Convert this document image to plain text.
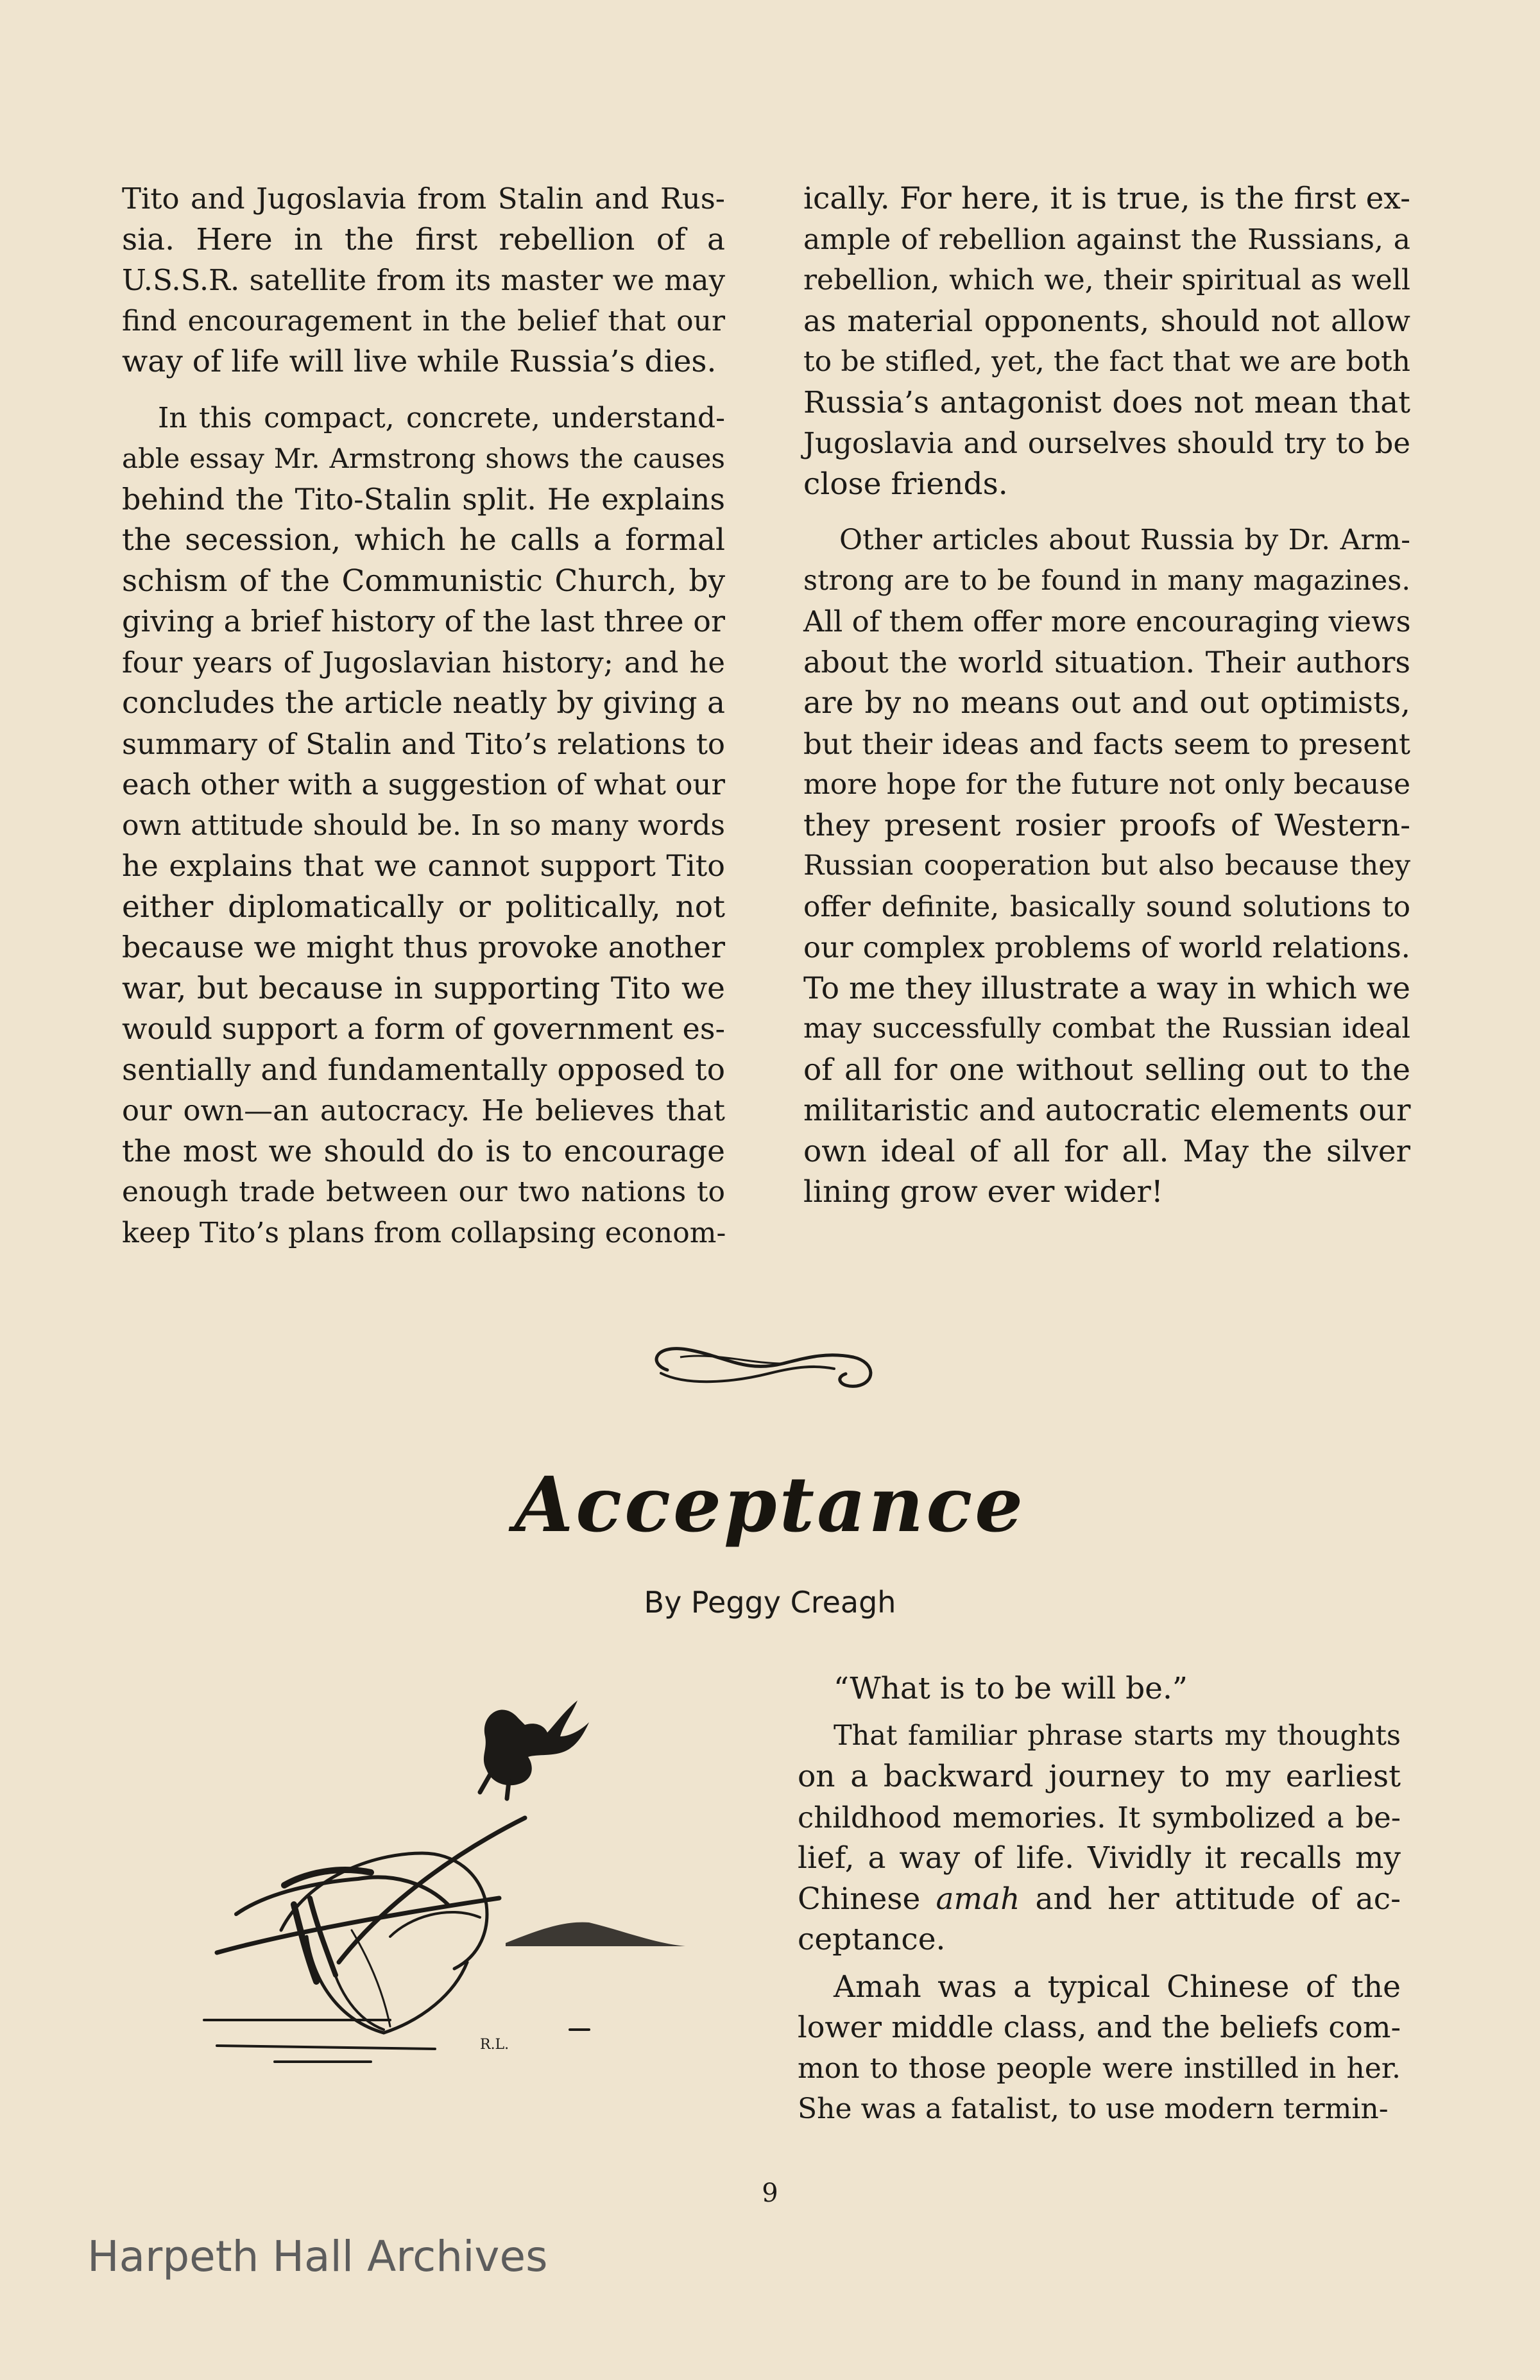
Tito and Jugoslavia from Stalin and Rus-
sia. Here in the first rebellion of a
U.S.S.R. satellite from its master we may
find encouragement in the belief that our
way of life will live while Russia’s dies.

In this compact, concrete, understand-
able essay Mr. Armstrong shows the causes
behind the Tito-Stalin split. He explains
the secession, which he calls a formal
schism of the Communistic Church, by
giving a brief history of the last three or
four years of Jugoslavian history; and he
concludes the article neatly by giving a
summary of Stalin and Tito’s relations to
each other with a suggestion of what our
own attitude should be. In so many words
he explains that we cannot support Tito
either diplomatically or politically, not
because we might thus provoke another
war, but because in supporting Tito we
would support a form of government es-
sentially and fundamentally opposed to
our own—an autocracy. He believes that
the most we should do is to encourage
enough trade between our two nations to
keep Tito’s plans from collapsing econom-

ically. For here, it is true, is the first ex-
ample of rebellion against the Russians, a
rebellion, which we, their spiritual as well
as material opponents, should not allow
to be stifled, yet, the fact that we are both
Russia’s antagonist does not mean that
Jugoslavia and ourselves should try to be
close friends.

Other articles about Russia by Dr. Arm-
strong are to be found in many magazines.
All of them offer more encouraging views
about the world situation. Their authors
are by no means out and out optimists,
but their ideas and facts seem to present
more hope for the future not only because
they present rosier proofs of Western-
Russian cooperation but also because they
offer definite, basically sound solutions to
our complex problems of world relations.
To me they illustrate a way in which we
may successfully combat the Russian ideal
of all for one without selling out to the
militaristic and autocratic elements our
own ideal of all for all. May the silver
lining grow ever wider!

Acceptance
By Peggy Creagh
R.L.

“What is to be will be.”

That familiar phrase starts my thoughts
on a backward journey to my earliest
childhood memories. It symbolized a be-
lief, a way of life. Vividly it recalls my
Chinese amah and her attitude of ac-
ceptance.

Amah was a typical Chinese of the
lower middle class, and the beliefs com-
mon to those people were instilled in her.
She was a fatalist, to use modern termin-

9
Harpeth Hall Archives
